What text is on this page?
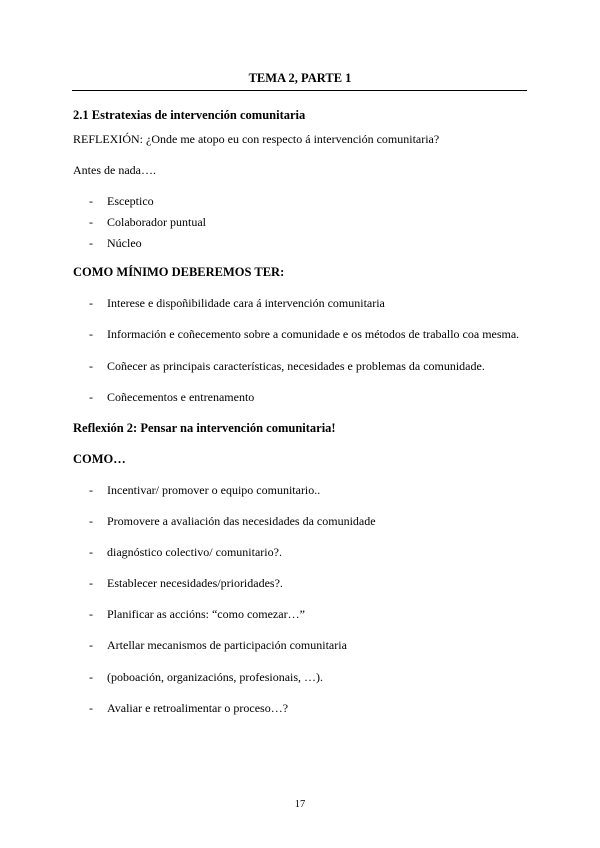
TEMA 2, PARTE 1
2.1 Estratexias de intervención comunitaria
REFLEXIÓN: ¿Onde me atopo eu con respecto á intervención comunitaria?
Antes de nada….
- Esceptico
- Colaborador puntual
- Núcleo
COMO MÍNIMO DEBEREMOS TER:
- Interese e dispoñibilidade cara á intervención comunitaria
- Información e coñecemento sobre a comunidade e os métodos de traballo coa mesma.
- Coñecer as principais características, necesidades e problemas da comunidade.
- Coñecementos e entrenamento
Reflexión 2: Pensar na intervención comunitaria!
COMO…
- Incentivar/ promover o equipo comunitario..
- Promovere a avaliación das necesidades da comunidade
- diagnóstico colectivo/ comunitario?.
- Establecer necesidades/prioridades?.
- Planificar as accións: “como comezar…”
- Artellar mecanismos de participación comunitaria
- (poboación, organizacións, profesionais, …).
- Avaliar e retroalimentar o proceso…?
17
